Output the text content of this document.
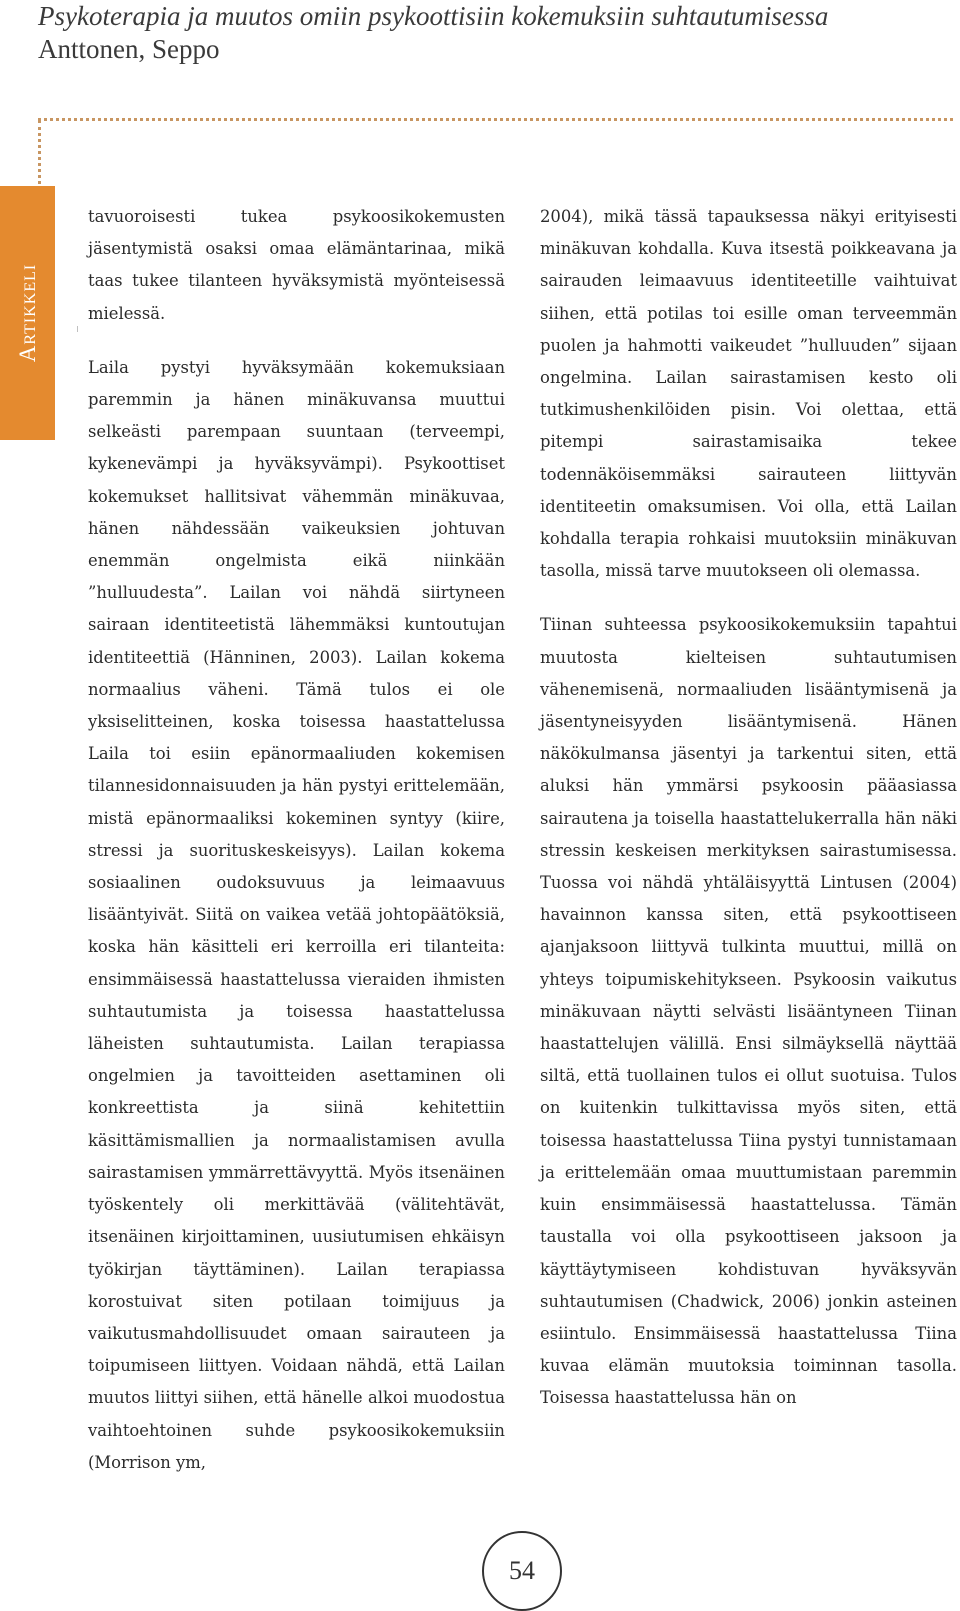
Psykoterapia ja muutos omiin psykoottisiin kokemuksiin suhtautumisessa
Anttonen, Seppo
Artikkeli

tavuoroisesti tukea psykoosikokemusten jäsentymistä osaksi omaa elämäntarinaa, mikä taas tukee tilanteen hyväksymistä myönteisessä mielessä.

Laila pystyi hyväksymään kokemuksiaan paremmin ja hänen minäkuvansa muuttui selkeästi parempaan suuntaan (terveempi, kykenevämpi ja hyväksyvämpi). Psykoottiset kokemukset hallitsivat vähemmän minäkuvaa, hänen nähdessään vaikeuksien johtuvan enemmän ongelmista eikä niinkään ”hulluudesta”. Lailan voi nähdä siirtyneen sairaan identiteetistä lähemmäksi kuntoutujan identiteettiä (Hänninen, 2003). Lailan kokema normaalius väheni. Tämä tulos ei ole yksiselitteinen, koska toisessa haastattelussa Laila toi esiin epänormaaliuden kokemisen tilannesidonnaisuuden ja hän pystyi erittelemään, mistä epänormaaliksi kokeminen syntyy (kiire, stressi ja suorituskeskeisyys). Lailan kokema sosiaalinen oudoksuvuus ja leimaavuus lisääntyivät. Siitä on vaikea vetää johtopäätöksiä, koska hän käsitteli eri kerroilla eri tilanteita: ensimmäisessä haastattelussa vieraiden ihmisten suhtautumista ja toisessa haastattelussa läheisten suhtautumista. Lailan terapiassa ongelmien ja tavoitteiden asettaminen oli konkreettista ja siinä kehitettiin käsittämismallien ja normaalistamisen avulla sairastamisen ymmärrettävyyttä. Myös itsenäinen työskentely oli merkittävää (välitehtävät, itsenäinen kirjoittaminen, uusiutumisen ehkäisyn työkirjan täyttäminen). Lailan terapiassa korostuivat siten potilaan toimijuus ja vaikutusmahdollisuudet omaan sairauteen ja toipumiseen liittyen. Voidaan nähdä, että Lailan muutos liittyi siihen, että hänelle alkoi muodostua vaihtoehtoinen suhde psykoosikokemuksiin (Morrison ym,

2004), mikä tässä tapauksessa näkyi erityisesti minäkuvan kohdalla. Kuva itsestä poikkeavana ja sairauden leimaavuus identiteetille vaihtuivat siihen, että potilas toi esille oman terveemmän puolen ja hahmotti vaikeudet ”hulluuden” sijaan ongelmina. Lailan sairastamisen kesto oli tutkimushenkilöiden pisin. Voi olettaa, että pitempi sairastamisaika tekee todennäköisemmäksi sairauteen liittyvän identiteetin omaksumisen. Voi olla, että Lailan kohdalla terapia rohkaisi muutoksiin minäkuvan tasolla, missä tarve muutokseen oli olemassa.

Tiinan suhteessa psykoosikokemuksiin tapahtui muutosta kielteisen suhtautumisen vähenemisenä, normaaliuden lisääntymisenä ja jäsentyneisyyden lisääntymisenä. Hänen näkökulmansa jäsentyi ja tarkentui siten, että aluksi hän ymmärsi psykoosin pääasiassa sairautena ja toisella haastattelukerralla hän näki stressin keskeisen merkityksen sairastumisessa. Tuossa voi nähdä yhtäläisyyttä Lintusen (2004) havainnon kanssa siten, että psykoottiseen ajanjaksoon liittyvä tulkinta muuttui, millä on yhteys toipumiskehitykseen. Psykoosin vaikutus minäkuvaan näytti selvästi lisääntyneen Tiinan haastattelujen välillä. Ensi silmäyksellä näyttää siltä, että tuollainen tulos ei ollut suotuisa. Tulos on kuitenkin tulkittavissa myös siten, että toisessa haastattelussa Tiina pystyi tunnistamaan ja erittelemään omaa muuttumistaan paremmin kuin ensimmäisessä haastattelussa. Tämän taustalla voi olla psykoottiseen jaksoon ja käyttäytymiseen kohdistuvan hyväksyvän suhtautumisen (Chadwick, 2006) jonkin asteinen esiintulo. Ensimmäisessä haastattelussa Tiina kuvaa elämän muutoksia toiminnan tasolla. Toisessa haastattelussa hän on

54
